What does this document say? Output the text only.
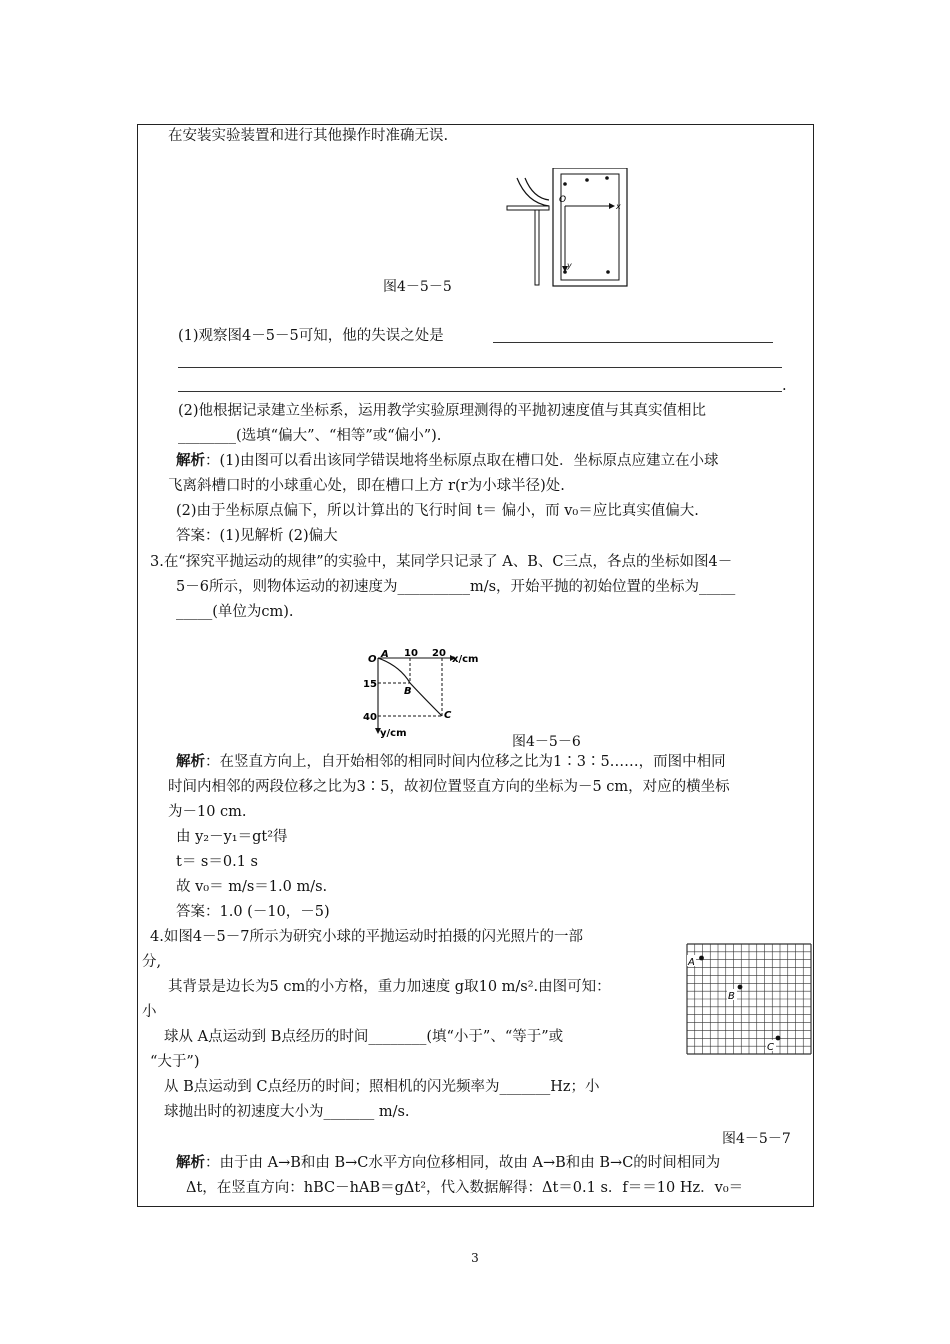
在安装实验装置和进行其他操作时准确无误.
O
x
y
图4－5－5
(1)观察图4－5－5可知，他的失误之处是
.
(2)他根据记录建立坐标系，运用教学实验原理测得的平抛初速度值与其真实值相比
________(选填“偏大”、“相等”或“偏小”).
解析：(1)由图可以看出该同学错误地将坐标原点取在槽口处．坐标原点应建立在小球
飞离斜槽口时的小球重心处，即在槽口上方 r(r为小球半径)处.
(2)由于坐标原点偏下，所以计算出的飞行时间 t＝ 偏小，而 v₀＝应比真实值偏大.
答案：(1)见解析 (2)偏大
3.在“探究平抛运动的规律”的实验中，某同学只记录了 A、B、C三点，各点的坐标如图4－
5－6所示，则物体运动的初速度为__________m/s，开始平抛的初始位置的坐标为_____
_____(单位为cm).
O A
B
C
10 20
x/cm
15
40
y/cm
图4－5－6
解析：在竖直方向上，自开始相邻的相同时间内位移之比为1∶3∶5……，而图中相同
时间内相邻的两段位移之比为3∶5，故初位置竖直方向的坐标为－5 cm，对应的横坐标
为－10 cm.
由 y₂－y₁＝gt²得
t＝ s＝0.1 s
故 v₀＝ m/s＝1.0 m/s.
答案：1.0 (－10，－5)
4.如图4－5－7所示为研究小球的平抛运动时拍摄的闪光照片的一部
分,
其背景是边长为5 cm的小方格，重力加速度 g取10 m/s².由图可知：
小
球从 A点运动到 B点经历的时间________(填“小于”、“等于”或
“大于”)
从 B点运动到 C点经历的时间；照相机的闪光频率为_______Hz；小
球抛出时的初速度大小为_______ m/s.
A
B
C
图4－5－7
解析：由于由 A→B和由 B→C水平方向位移相同，故由 A→B和由 B→C的时间相同为
Δt，在竖直方向：hBC－hAB＝gΔt²，代入数据解得：Δt＝0.1 s．f＝＝10 Hz．v₀＝
3
